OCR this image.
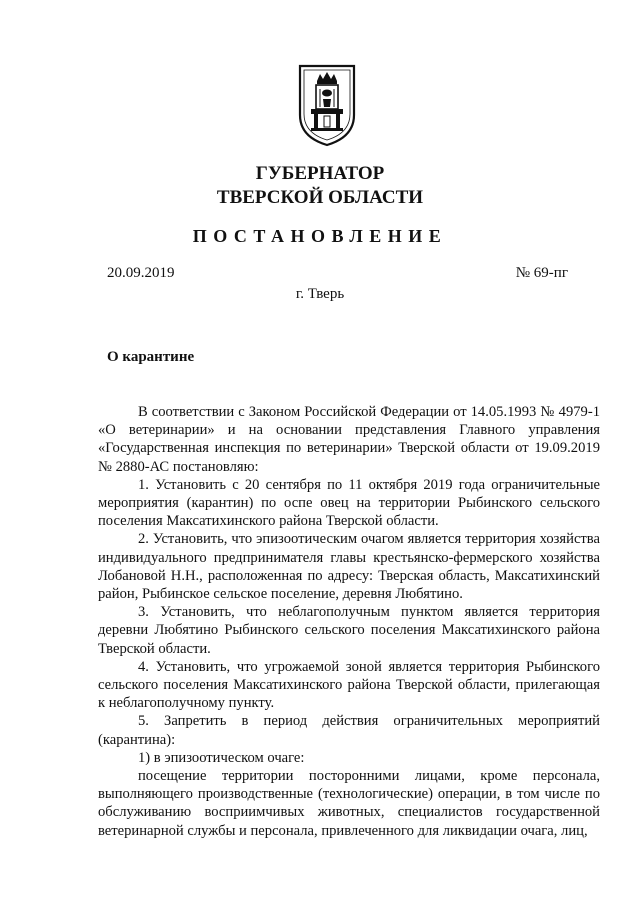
ГУБЕРНАТОР
ТВЕРСКОЙ ОБЛАСТИ
ПОСТАНОВЛЕНИЕ
20.09.2019	№ 69-пг
г. Тверь
О карантине

В соответствии с Законом Российской Федерации от 14.05.1993 № 4979-1 «О ветеринарии» и на основании представления Главного управления «Государственная инспекция по ветеринарии» Тверской области от 19.09.2019 № 2880-АС постановляю:

1. Установить с 20 сентября по 11 октября 2019 года ограничительные мероприятия (карантин) по оспе овец на территории Рыбинского сельского поселения Максатихинского района Тверской области.

2. Установить, что эпизоотическим очагом является территория хозяйства индивидуального предпринимателя главы крестьянско-фермерского хозяйства Лобановой Н.Н., расположенная по адресу: Тверская область, Максатихинский район, Рыбинское сельское поселение, деревня Любятино.

3. Установить, что неблагополучным пунктом является территория деревни Любятино Рыбинского сельского поселения Максатихинского района Тверской области.

4. Установить, что угрожаемой зоной является территория Рыбинского сельского поселения Максатихинского района Тверской области, прилегающая к неблагополучному пункту.

5. Запретить в период действия ограничительных мероприятий (карантина):

1) в эпизоотическом очаге:

посещение территории посторонними лицами, кроме персонала, выполняющего производственные (технологические) операции, в том числе по обслуживанию восприимчивых животных, специалистов государственной ветеринарной службы и персонала, привлеченного для ликвидации очага, лиц,
